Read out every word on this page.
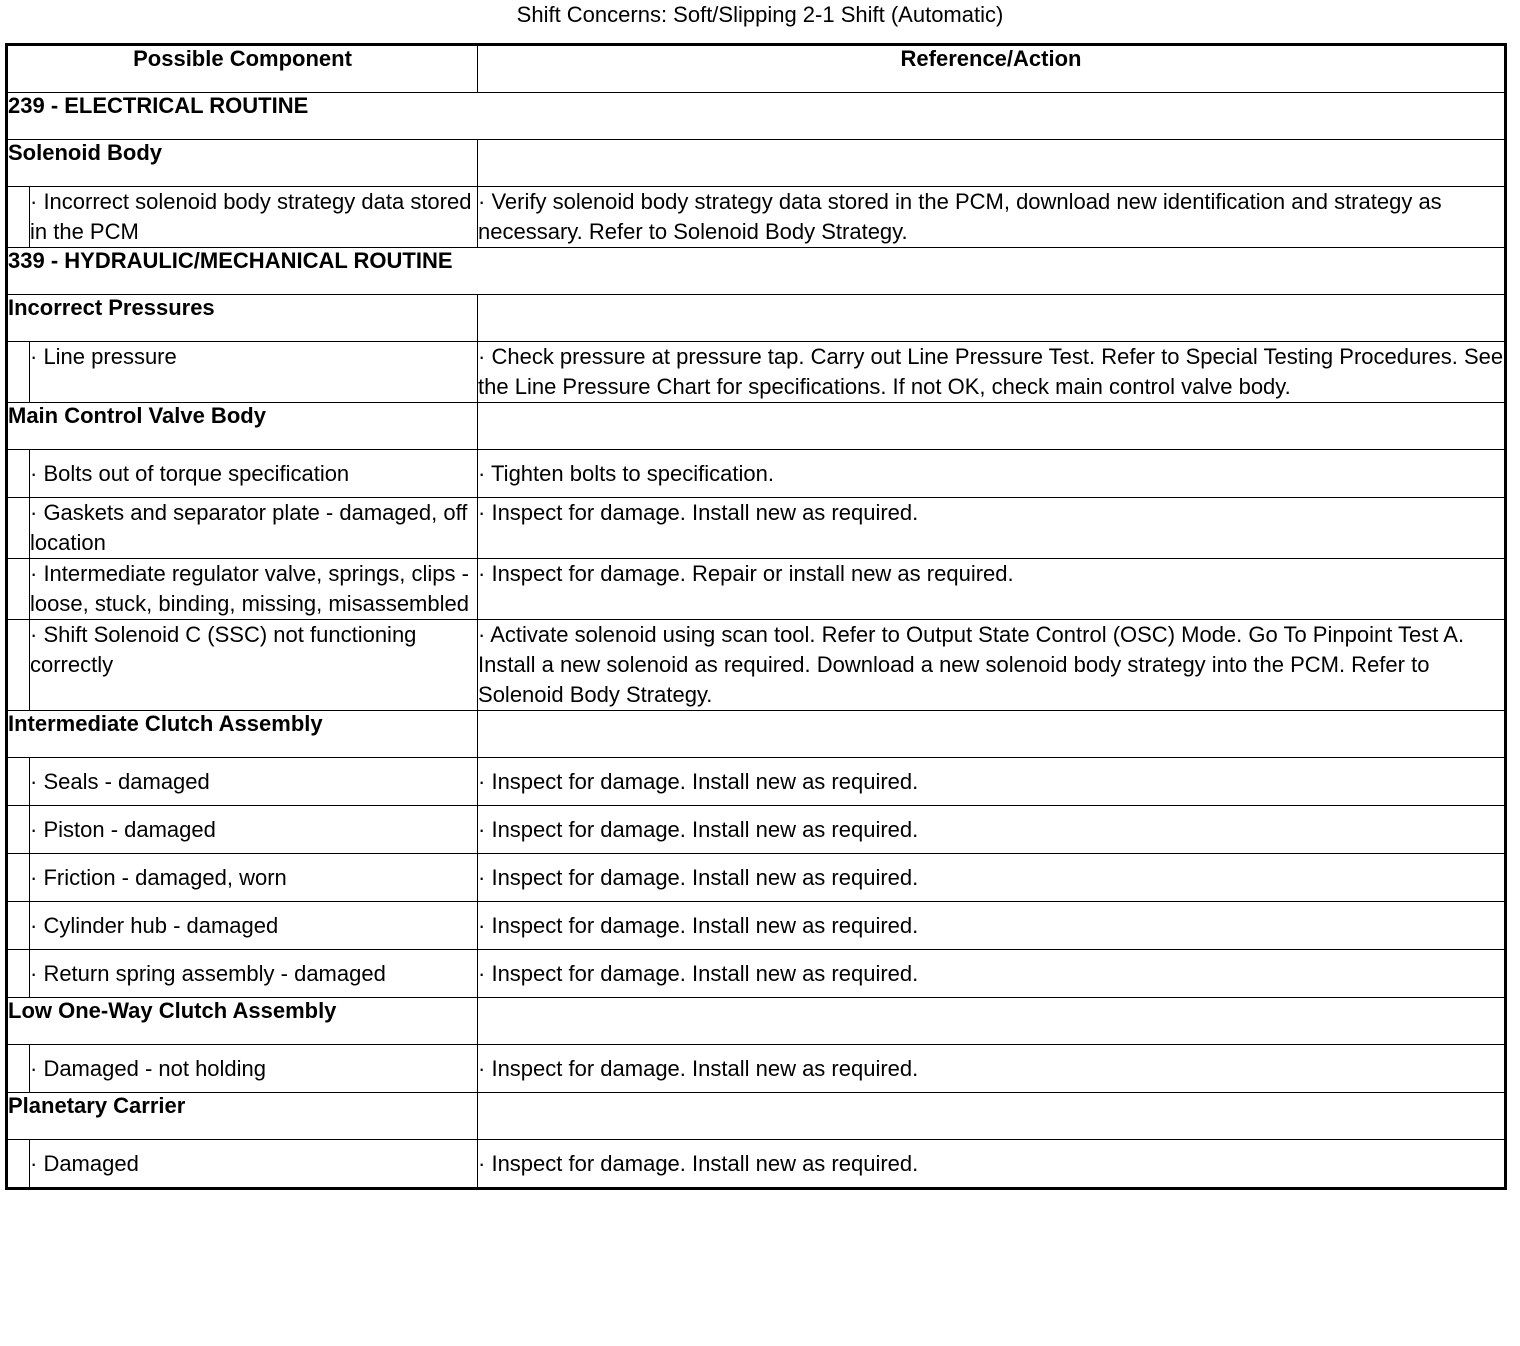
Shift Concerns: Soft/Slipping 2-1 Shift (Automatic)
Possible Component		Reference/Action
239 - ELECTRICAL ROUTINE		
Solenoid Body		
	· Incorrect solenoid body strategy data stored in the PCM	· Verify solenoid body strategy data stored in the PCM, download new identification and strategy as necessary. Refer to Solenoid Body Strategy.
339 - HYDRAULIC/MECHANICAL ROUTINE		
Incorrect Pressures		
	· Line pressure	· Check pressure at pressure tap. Carry out Line Pressure Test. Refer to Special Testing Procedures. See the Line Pressure Chart for specifications. If not OK, check main control valve body.
Main Control Valve Body		
	· Bolts out of torque specification	· Tighten bolts to specification.
	· Gaskets and separator plate - damaged, off location	· Inspect for damage. Install new as required.
	· Intermediate regulator valve, springs, clips - loose, stuck, binding, missing, misassembled	· Inspect for damage. Repair or install new as required.
	· Shift Solenoid C (SSC) not functioning correctly	· Activate solenoid using scan tool. Refer to Output State Control (OSC) Mode. Go To Pinpoint Test A. Install a new solenoid as required. Download a new solenoid body strategy into the PCM. Refer to Solenoid Body Strategy.
Intermediate Clutch Assembly		
	· Seals - damaged	· Inspect for damage. Install new as required.
	· Piston - damaged	· Inspect for damage. Install new as required.
	· Friction - damaged, worn	· Inspect for damage. Install new as required.
	· Cylinder hub - damaged	· Inspect for damage. Install new as required.
	· Return spring assembly - damaged	· Inspect for damage. Install new as required.
Low One-Way Clutch Assembly		
	· Damaged - not holding	· Inspect for damage. Install new as required.
Planetary Carrier		
	· Damaged	· Inspect for damage. Install new as required.
